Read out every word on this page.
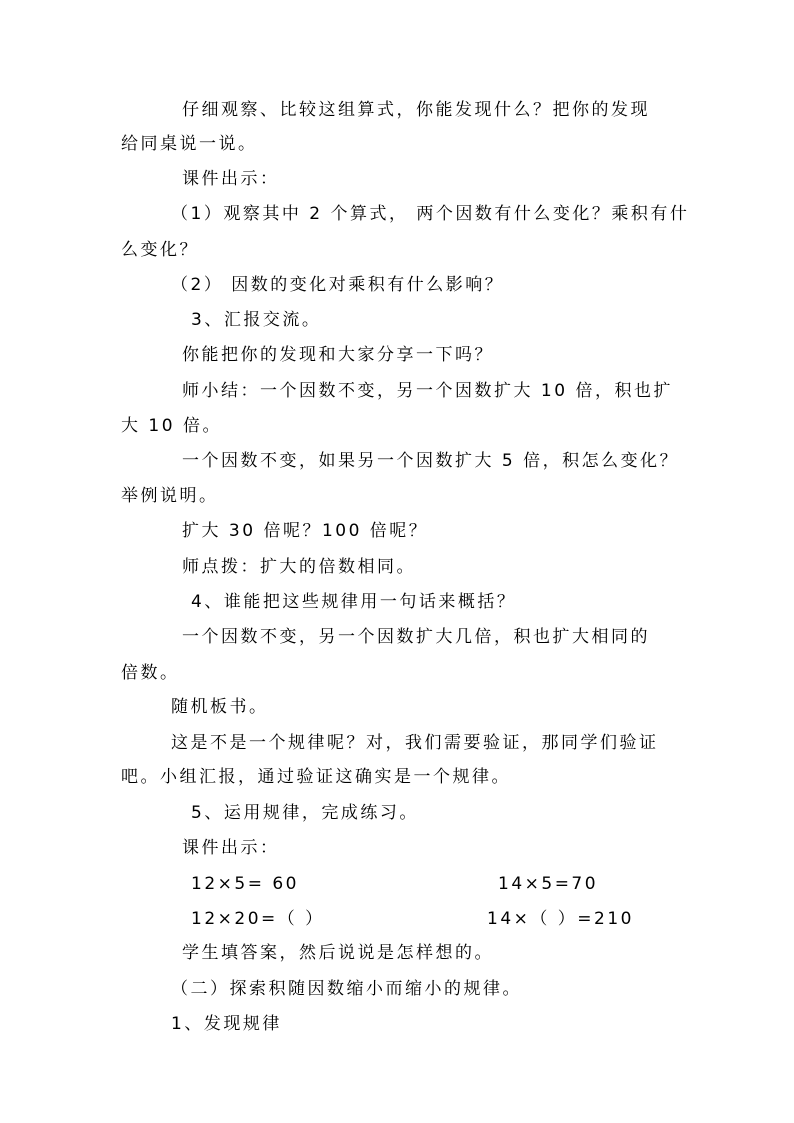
仔细观察、比较这组算式，你能发现什么？把你的发现
给同桌说一说。
课件出示：
（1）观察其中 2 个算式， 两个因数有什么变化？乘积有什
么变化？
（2） 因数的变化对乘积有什么影响？
3、汇报交流。
你能把你的发现和大家分享一下吗？
师小结：一个因数不变，另一个因数扩大 10 倍，积也扩
大 10 倍。
一个因数不变，如果另一个因数扩大 5 倍，积怎么变化？
举例说明。
扩大 30 倍呢？100 倍呢？
师点拨：扩大的倍数相同。
4、谁能把这些规律用一句话来概括？
一个因数不变，另一个因数扩大几倍，积也扩大相同的
倍数。
随机板书。
这是不是一个规律呢？对，我们需要验证，那同学们验证
吧。小组汇报，通过验证这确实是一个规律。
5、运用规律，完成练习。
课件出示：
12×5= 60	14×5=70
12×20=（ ）	14×（ ）=210
学生填答案，然后说说是怎样想的。
（二）探索积随因数缩小而缩小的规律。
1、发现规律
